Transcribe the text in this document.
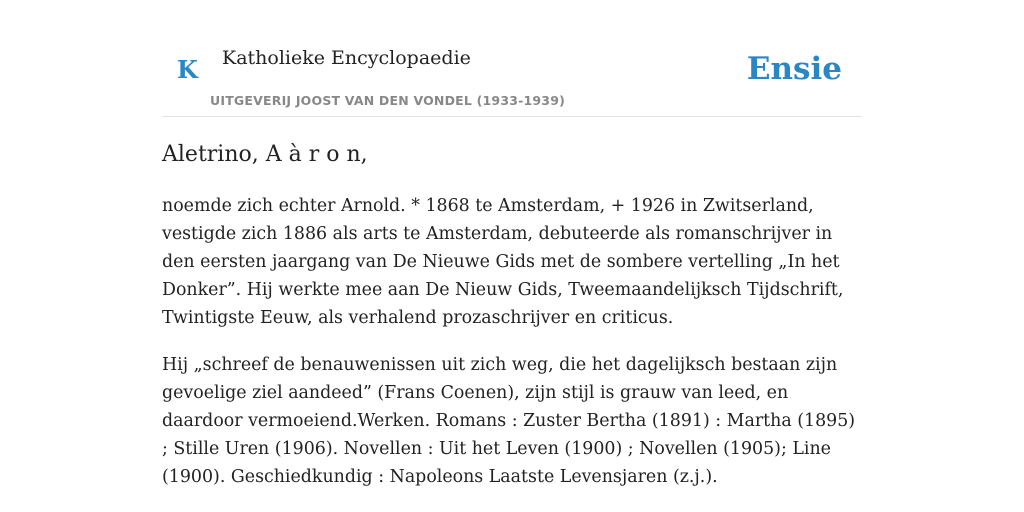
K Katholieke Encyclopaedie
UITGEVERIJ JOOST VAN DEN VONDEL (1933-1939)
Ensie
Aletrino, A à r o n,

noemde zich echter Arnold. * 1868 te Amsterdam, + 1926 in Zwitserland, vestigde zich 1886 als arts te Amsterdam, debuteerde als romanschrijver in den eersten jaargang van De Nieuwe Gids met de sombere vertelling „In het Donker”. Hij werkte mee aan De Nieuw Gids, Tweemaandelijksch Tijdschrift, Twintigste Eeuw, als verhalend prozaschrijver en criticus.

Hij „schreef de benauwenissen uit zich weg, die het dagelijksch bestaan zijn gevoelige ziel aandeed” (Frans Coenen), zijn stijl is grauw van leed, en daardoor vermoeiend.Werken. Romans : Zuster Bertha (1891) : Martha (1895) ; Stille Uren (1906). Novellen : Uit het Leven (1900) ; Novellen (1905); Line (1900). Geschiedkundig : Napoleons Laatste Levensjaren (z.j.).
